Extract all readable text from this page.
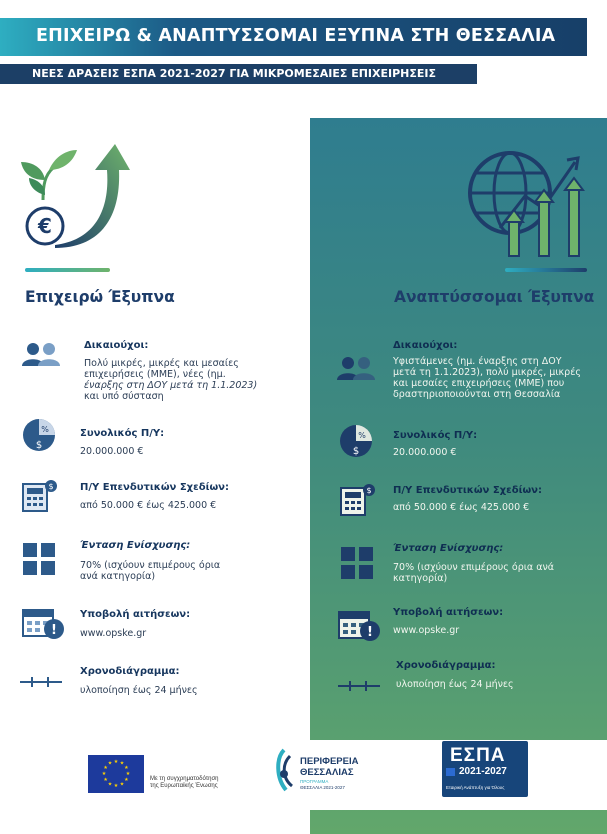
ΕΠΙΧΕΙΡΩ & ΑΝΑΠΤΥΣΣΟΜΑΙ ΕΞΥΠΝΑ ΣΤΗ ΘΕΣΣΑΛΙΑ
ΝΕΕΣ ΔΡΑΣΕΙΣ ΕΣΠΑ 2021-2027 ΓΙΑ ΜΙΚΡΟΜΕΣΑΙΕΣ ΕΠΙΧΕΙΡΗΣΕΙΣ
€
Επιχειρώ Έξυπνα	Αναπτύσσομαι Έξυπνα
Δικαιούχοι:
Πολύ μικρές, μικρές και μεσαίες
επιχειρήσεις (ΜΜΕ), νέες (ημ.
έναρξης στη ΔΟΥ μετά τη 1.1.2023)
και υπό σύσταση
%
$
Συνολικός Π/Υ:
20.000.000 €
$	Π/Υ Επενδυτικών Σχεδίων:
από 50.000 € έως 425.000 €
Ένταση Ενίσχυσης:
70% (ισχύουν επιμέρους όρια
ανά κατηγορία)
!
Υποβολή αιτήσεων:
www.opske.gr
Χρονοδιάγραμμα:
υλοποίηση έως 24 μήνες
Δικαιούχοι:
Υφιστάμενες (ημ. έναρξης στη ΔΟΥ
μετά τη 1.1.2023), πολύ μικρές, μικρές
και μεσαίες επιχειρήσεις (ΜΜΕ) που
δραστηριοποιούνται στη Θεσσαλία
%
$
Συνολικός Π/Υ:
20.000.000 €
$ Π/Υ Επενδυτικών Σχεδίων:
από 50.000 € έως 425.000 €
Ένταση Ενίσχυσης:
70% (ισχύουν επιμέρους όρια ανά
κατηγορία)
!
Υποβολή αιτήσεων:
www.opske.gr
Χρονοδιάγραμμα:
υλοποίηση έως 24 μήνες
★ ★
★
★
★
★
★
★
★
★
★
★
Με τη συγχρηματοδότηση
της Ευρωπαϊκής Ένωσης
ΠΕΡΙΦΕΡΕΙΑ
ΘΕΣΣΑΛΙΑΣ
ΠΡΟΓΡΑΜΜΑ
ΘΕΣΣΑΛΙΑ 2021-2027
ΕΣΠΑ
2021-2027
Εταιρική Ανάπτυξη για Όλους
